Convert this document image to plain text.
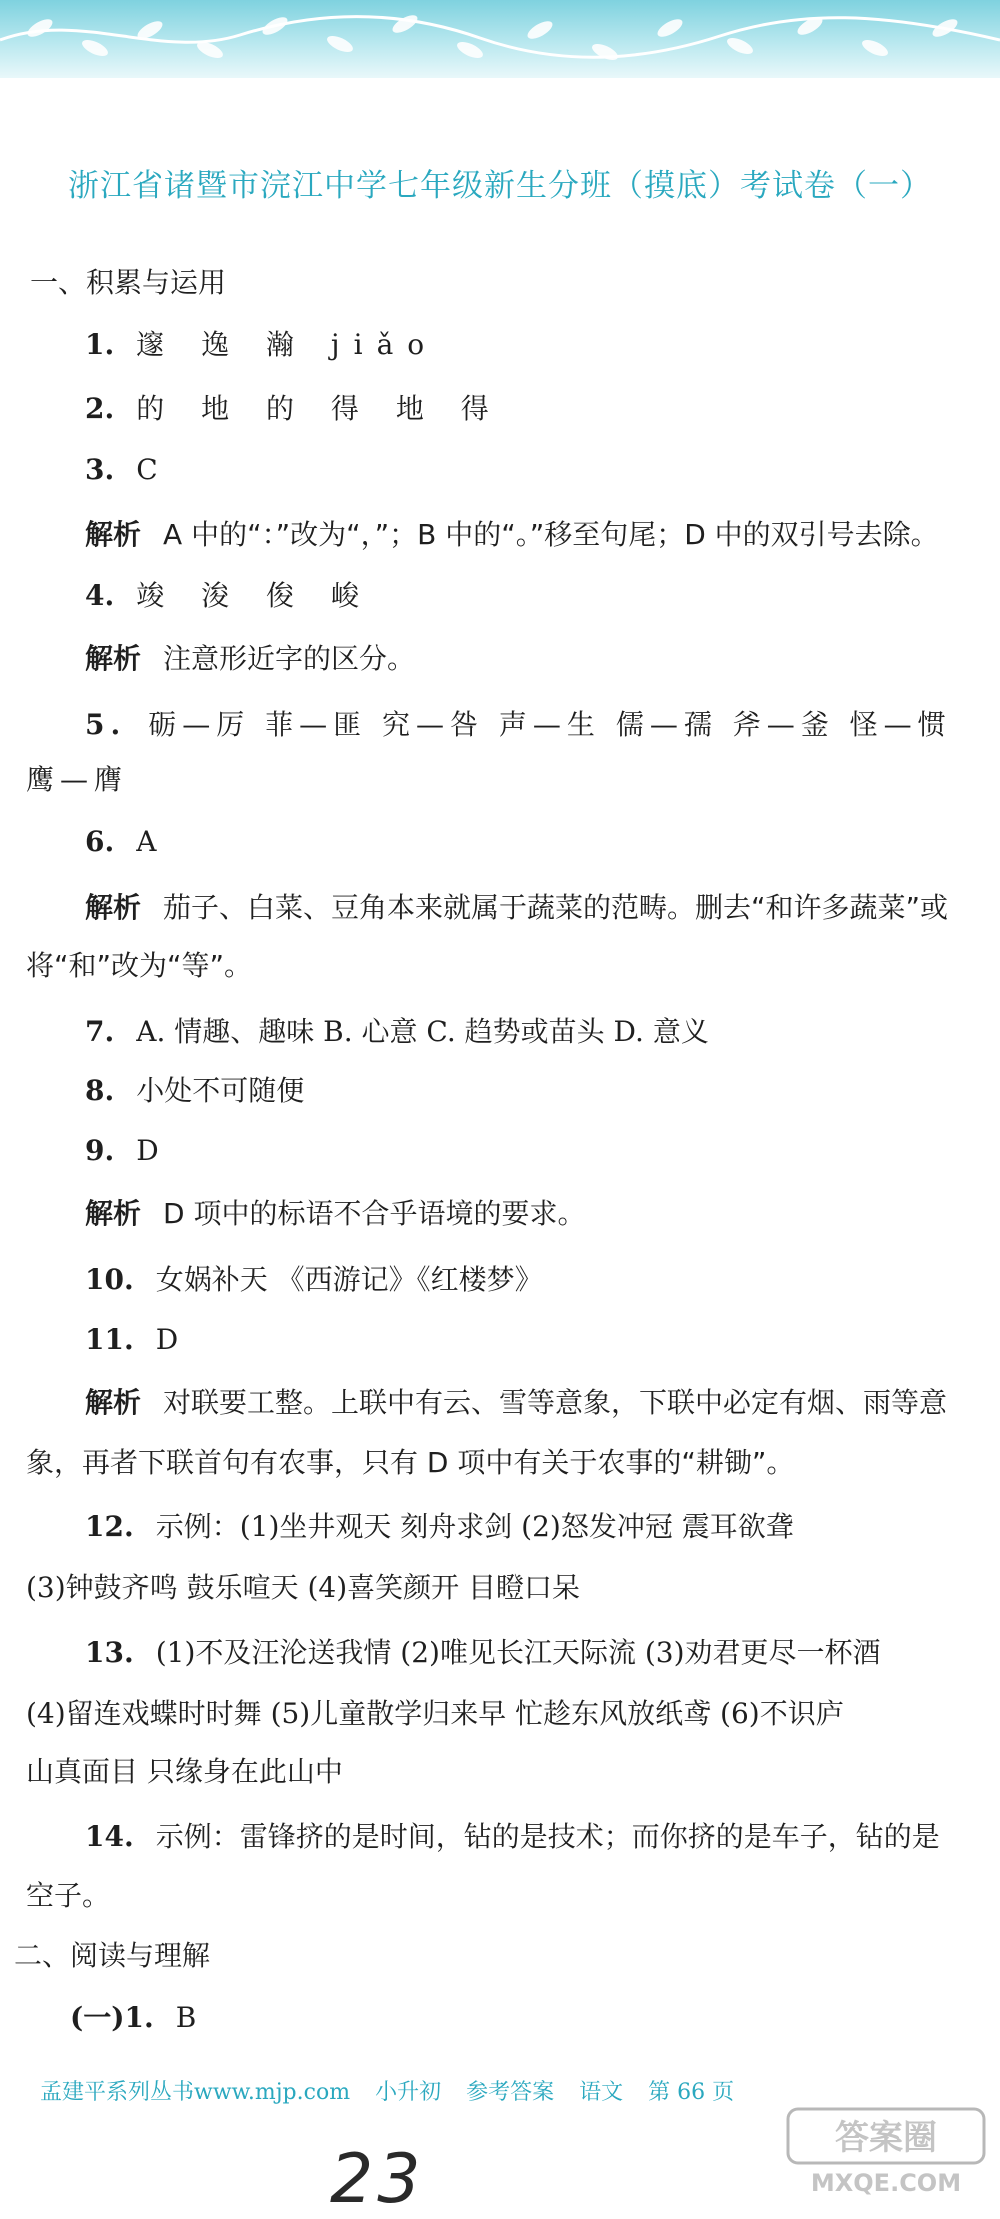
浙江省诸暨市浣江中学七年级新生分班（摸底）考试卷（一）
一、积累与运用
1. 邃 逸 瀚 jiǎo
2. 的 地 的 得 地 得
3. C
解析 A 中的“：”改为“，”；B 中的“。”移至句尾；D 中的双引号去除。
4. 竣 浚 俊 峻
解析 注意形近字的区分。
5. 砺—厉 菲—匪 究—咎 声—生 儒—孺 斧—釜 怪—惯
鹰—膺
6. A
解析 茄子、白菜、豆角本来就属于蔬菜的范畴。删去“和许多蔬菜”或
将“和”改为“等”。
7. A. 情趣、趣味 B. 心意 C. 趋势或苗头 D. 意义
8. 小处不可随便
9. D
解析 D 项中的标语不合乎语境的要求。
10. 女娲补天 《西游记》《红楼梦》
11. D
解析 对联要工整。上联中有云、雪等意象，下联中必定有烟、雨等意
象，再者下联首句有农事，只有 D 项中有关于农事的“耕锄”。
12. 示例：(1)坐井观天 刻舟求剑 (2)怒发冲冠 震耳欲聋
(3)钟鼓齐鸣 鼓乐喧天 (4)喜笑颜开 目瞪口呆
13. (1)不及汪沦送我情 (2)唯见长江天际流 (3)劝君更尽一杯酒
(4)留连戏蝶时时舞 (5)儿童散学归来早 忙趁东风放纸鸢 (6)不识庐
山真面目 只缘身在此山中
14. 示例：雷锋挤的是时间，钻的是技术；而你挤的是车子，钻的是
空子。
二、阅读与理解
(一)1. B
孟建平系列丛书www.mjp.com 小升初 参考答案 语文 第 66 页
23
答案圈
MXQE.COM
